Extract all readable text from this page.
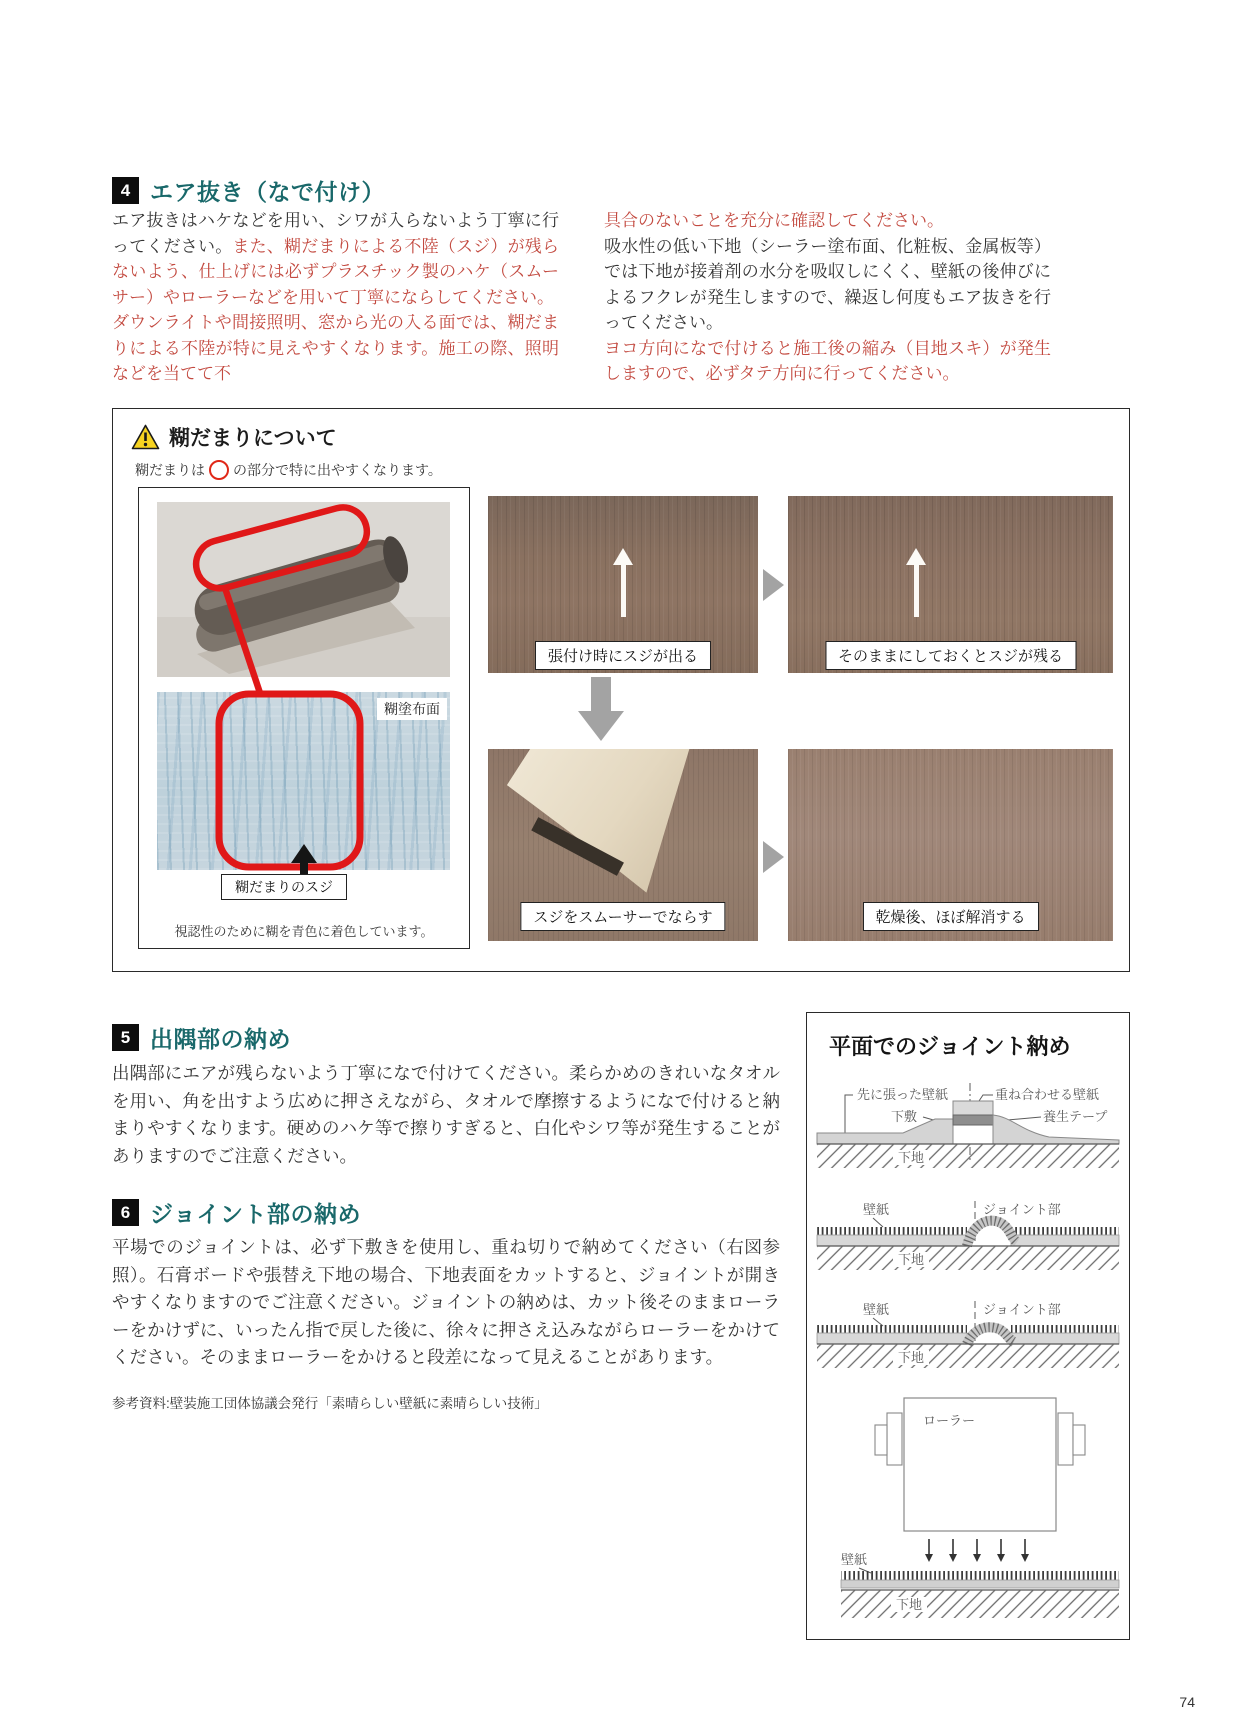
4 エア抜き（なで付け）

エア抜きはハケなどを用い、シワが入らないよう丁寧に行ってください。また、糊だまりによる不陸（スジ）が残らないよう、仕上げには必ずプラスチック製のハケ（スムーサー）やローラーなどを用いて丁寧にならしてください。

ダウンライトや間接照明、窓から光の入る面では、糊だまりによる不陸が特に見えやすくなります。施工の際、照明などを当てて不

具合のないことを充分に確認してください。

吸水性の低い下地（シーラー塗布面、化粧板、金属板等）では下地が接着剤の水分を吸収しにくく、壁紙の後伸びによるフクレが発生しますので、繰返し何度もエア抜きを行ってください。

ヨコ方向になで付けると施工後の縮み（目地スキ）が発生しますので、必ずタテ方向に行ってください。

糊だまりについて
糊だまりは の部分で特に出やすくなります。
糊塗布面
糊だまりのスジ
視認性のために糊を青色に着色しています。
張付け時にスジが出る	そのままにしておくとスジが残る
スジをスムーサーでならす	乾燥後、ほぼ解消する
5 出隅部の納め
出隅部にエアが残らないよう丁寧になで付けてください。柔らかめのきれいなタオルを用い、角を出すよう広めに押さえながら、タオルで摩擦するようになで付けると納まりやすくなります。硬めのハケ等で擦りすぎると、白化やシワ等が発生することがありますのでご注意ください。
6 ジョイント部の納め
平場でのジョイントは、必ず下敷きを使用し、重ね切りで納めてください（右図参照）。石膏ボードや張替え下地の場合、下地表面をカットすると、ジョイントが開きやすくなりますのでご注意ください。ジョイントの納めは、カット後そのままローラーをかけずに、いったん指で戻した後に、徐々に押さえ込みながらローラーをかけてください。そのままローラーをかけると段差になって見えることがあります。
参考資料:壁装施工団体協議会発行「素晴らしい壁紙に素晴らしい技術」
平面でのジョイント納め
先に張った壁紙	重ね合わせる壁紙
下敷	養生テープ
下地
壁紙	ジョイント部
下地
壁紙	ジョイント部
下地
ローラー
壁紙
下地
74
